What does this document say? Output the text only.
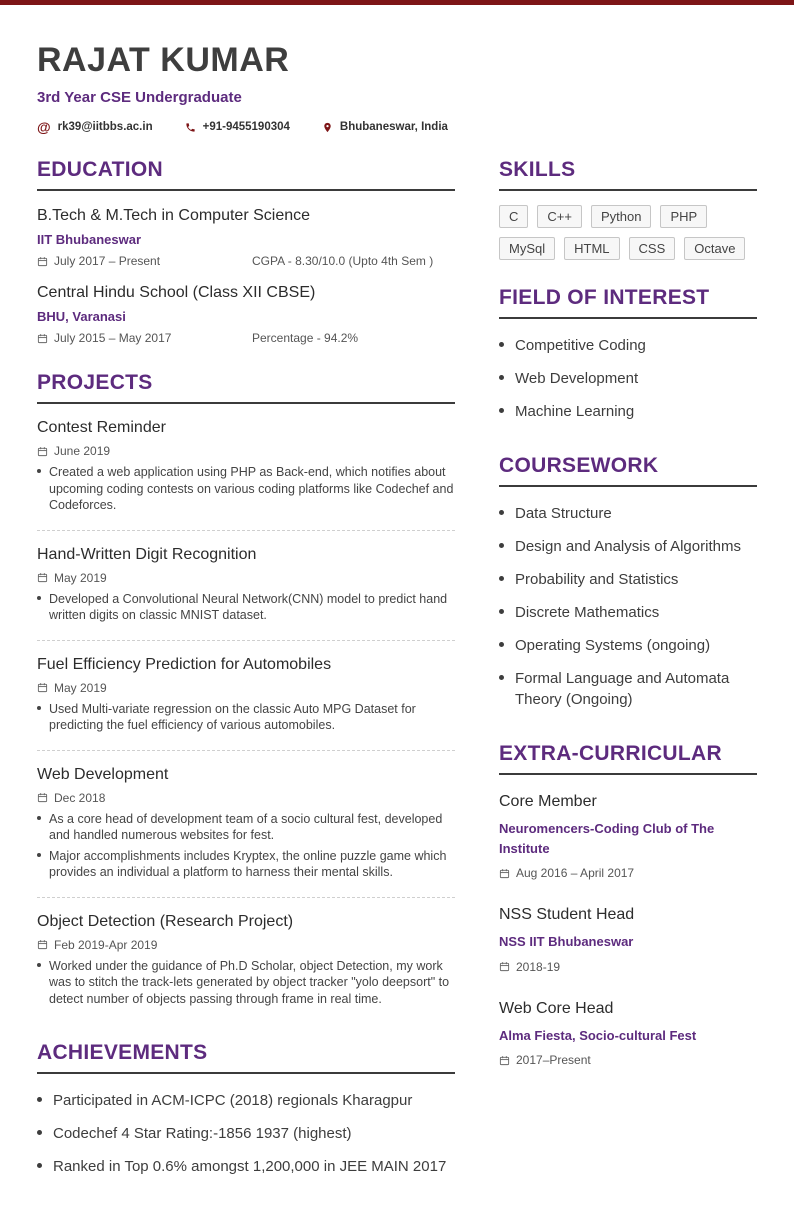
RAJAT KUMAR
3rd Year CSE Undergraduate
@ rk39@iitbbs.ac.in	+91-9455190304	Bhubaneswar, India
EDUCATION
B.Tech & M.Tech in Computer Science
IIT Bhubaneswar
July 2017 – Present	CGPA - 8.30/10.0 (Upto 4th Sem )
Central Hindu School (Class XII CBSE)
BHU, Varanasi
July 2015 – May 2017	Percentage - 94.2%
PROJECTS
Contest Reminder
June 2019
Created a web application using PHP as Back-end, which notifies about upcoming coding contests on various coding platforms like Codechef and Codeforces.
Hand-Written Digit Recognition
May 2019
Developed a Convolutional Neural Network(CNN) model to predict hand written digits on classic MNIST dataset.
Fuel Efficiency Prediction for Automobiles
May 2019
Used Multi-variate regression on the classic Auto MPG Dataset for predicting the fuel efficiency of various automobiles.
Web Development
Dec 2018
As a core head of development team of a socio cultural fest, developed and handled numerous websites for fest.
Major accomplishments includes Kryptex, the online puzzle game which provides an individual a platform to harness their mental skills.
Object Detection (Research Project)
Feb 2019-Apr 2019
Worked under the guidance of Ph.D Scholar, object Detection, my work was to stitch the track-lets generated by object tracker "yolo deepsort" to detect number of objects passing through frame in real time.
ACHIEVEMENTS
Participated in ACM-ICPC (2018) regionals Kharagpur
Codechef 4 Star Rating:-1856 1937 (highest)
Ranked in Top 0.6% amongst 1,200,000 in JEE MAIN 2017
SKILLS
C	C++	Python	PHP
MySql	HTML	CSS	Octave
FIELD OF INTEREST
Competitive Coding
Web Development
Machine Learning
COURSEWORK
Data Structure
Design and Analysis of Algorithms
Probability and Statistics
Discrete Mathematics
Operating Systems (ongoing)
Formal Language and Automata Theory (Ongoing)
EXTRA-CURRICULAR
Core Member
Neuromencers-Coding Club of The Institute
Aug 2016 – April 2017
NSS Student Head
NSS IIT Bhubaneswar
2018-19
Web Core Head
Alma Fiesta, Socio-cultural Fest
2017–Present
